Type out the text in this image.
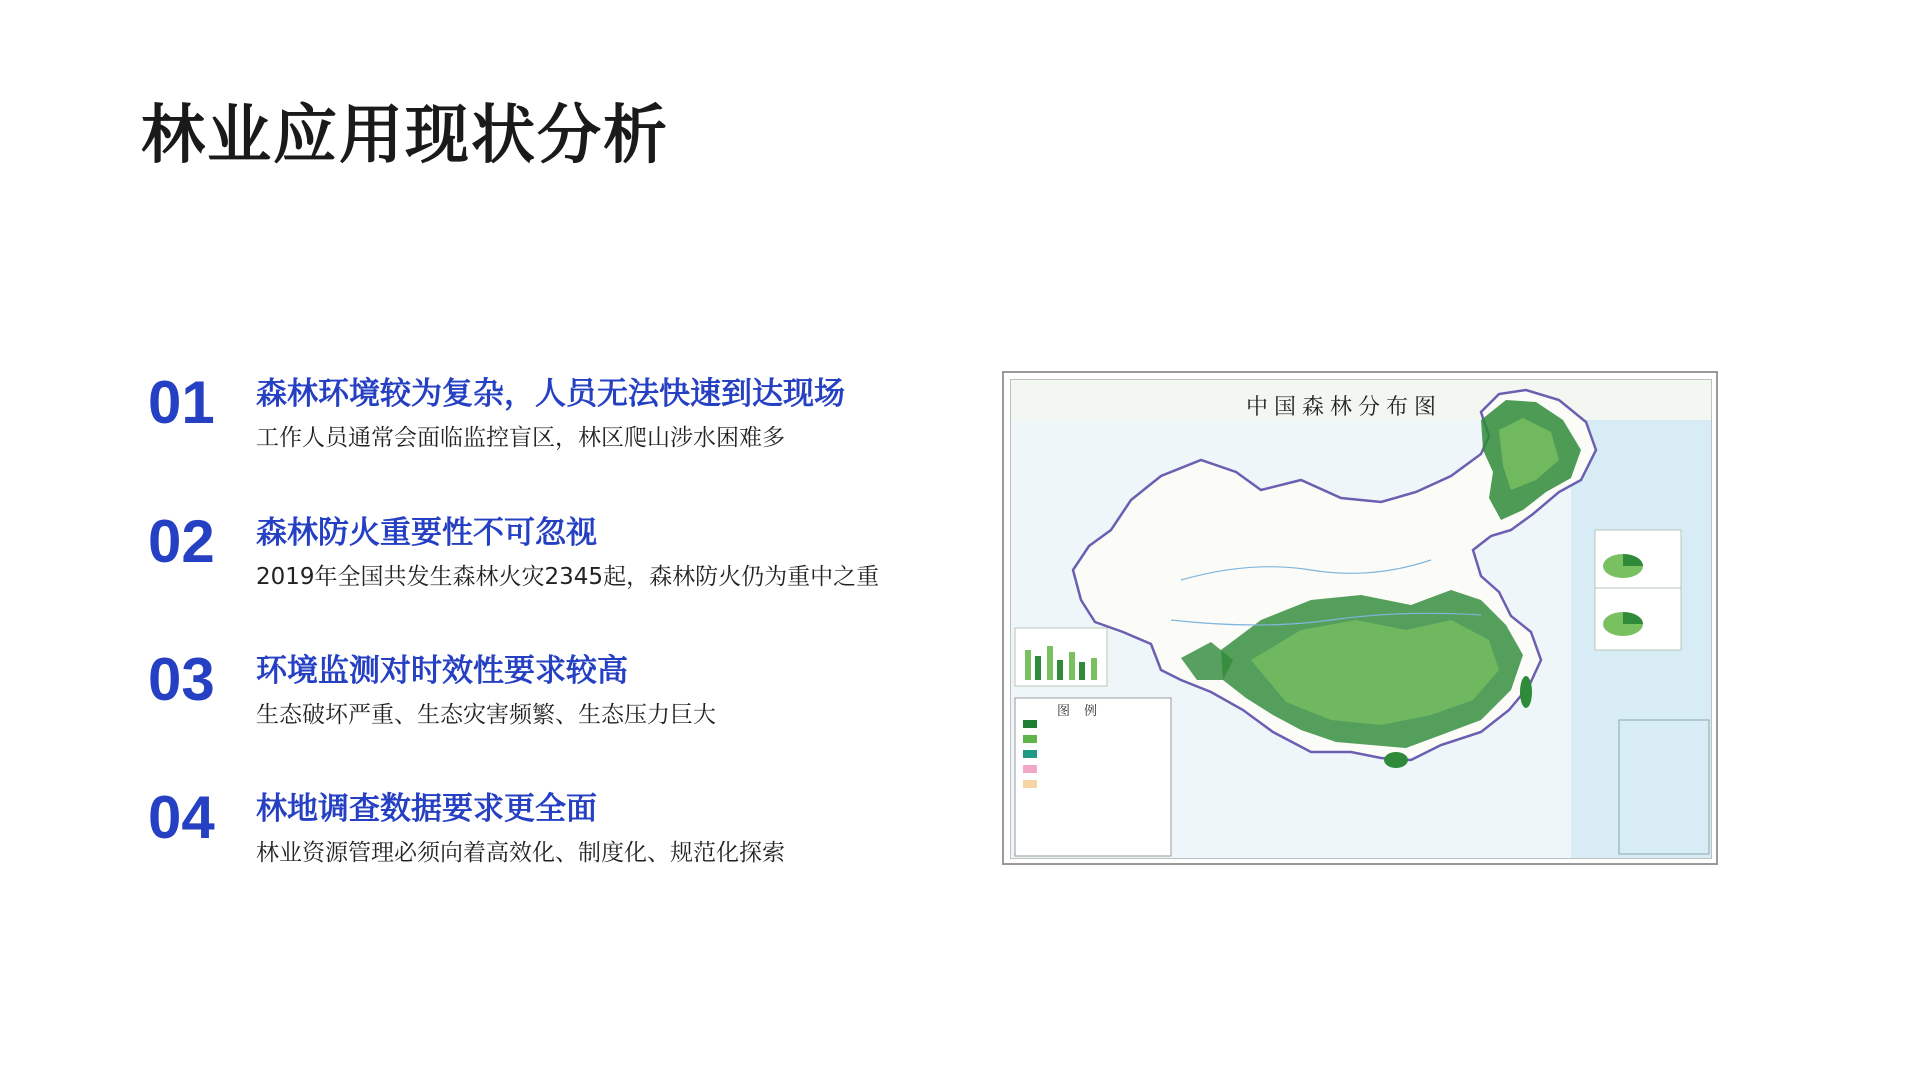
林业应用现状分析
01 森林环境较为复杂，人员无法快速到达现场
工作人员通常会面临监控盲区，林区爬山涉水困难多
02 森林防火重要性不可忽视
2019年全国共发生森林火灾2345起，森林防火仍为重中之重
03 环境监测对时效性要求较高
生态破坏严重、生态灾害频繁、生态压力巨大
04 林地调查数据要求更全面
林业资源管理必须向着高效化、制度化、规范化探索
中国森林分布图
图例
